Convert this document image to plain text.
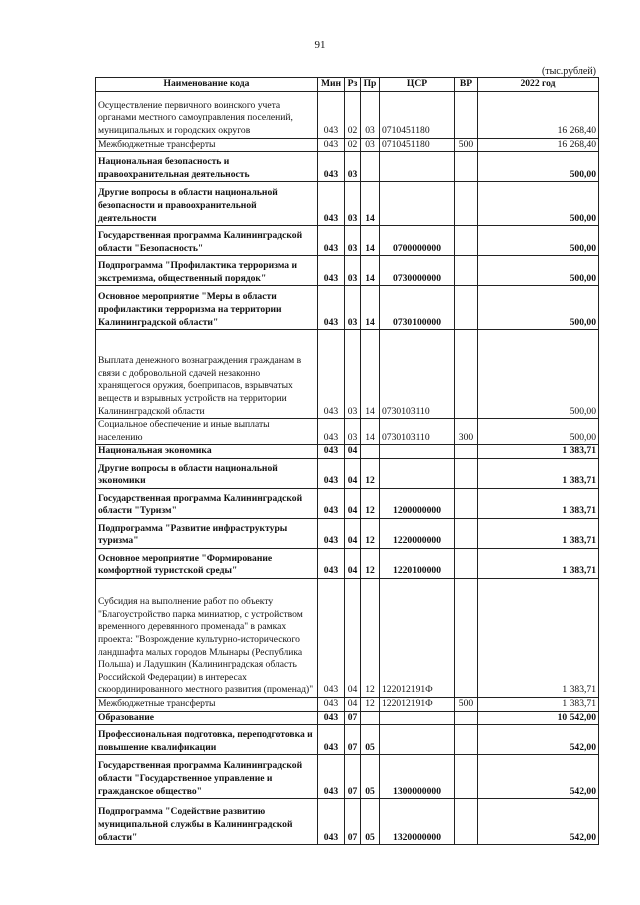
91
(тыс.рублей)
Наименование кода	Мин	Рз	Пр	ЦСР	ВР	2022 год
Осуществление первичного воинского учета органами местного самоуправления поселений, муниципальных и городских округов	043	02	03	0710451180		16 268,40
Межбюджетные трансферты	043	02	03	0710451180	500	16 268,40
Национальная безопасность и правоохранительная деятельность	043	03				500,00
Другие вопросы в области национальной безопасности и правоохранительной деятельности	043	03	14			500,00
Государственная программа Калининградской области "Безопасность"	043	03	14	0700000000		500,00
Подпрограмма "Профилактика терроризма и экстремизма, общественный порядок"	043	03	14	0730000000		500,00
Основное мероприятие "Меры в области профилактики терроризма на территории Калининградской области"	043	03	14	0730100000		500,00
Выплата денежного вознаграждения гражданам в связи с добровольной сдачей незаконно хранящегося оружия, боеприпасов, взрывчатых веществ и взрывных устройств на территории Калининградской области	043	03	14	0730103110		500,00
Социальное обеспечение и иные выплаты населению	043	03	14	0730103110	300	500,00
Национальная экономика	043	04				1 383,71
Другие вопросы в области национальной экономики	043	04	12			1 383,71
Государственная программа Калининградской области "Туризм"	043	04	12	1200000000		1 383,71
Подпрограмма "Развитие инфраструктуры туризма"	043	04	12	1220000000		1 383,71
Основное мероприятие "Формирование комфортной туристской среды"	043	04	12	1220100000		1 383,71
Субсидия на выполнение работ по объекту "Благоустройство парка миниатюр, с устройством временного деревянного променада" в рамках проекта: "Возрождение культурно-исторического ландшафта малых городов Млынары (Республика Польша) и Ладушкин (Калининградская область Российской Федерации) в интересах скоординированного местного развития (променад)"	043	04	12	122012191Ф		1 383,71
Межбюджетные трансферты	043	04	12	122012191Ф	500	1 383,71
Образование	043	07				10 542,00
Профессиональная подготовка, переподготовка и повышение квалификации	043	07	05			542,00
Государственная программа Калининградской области "Государственное управление и гражданское общество"	043	07	05	1300000000		542,00
Подпрограмма "Содействие развитию муниципальной службы в Калининградской области"	043	07	05	1320000000		542,00
